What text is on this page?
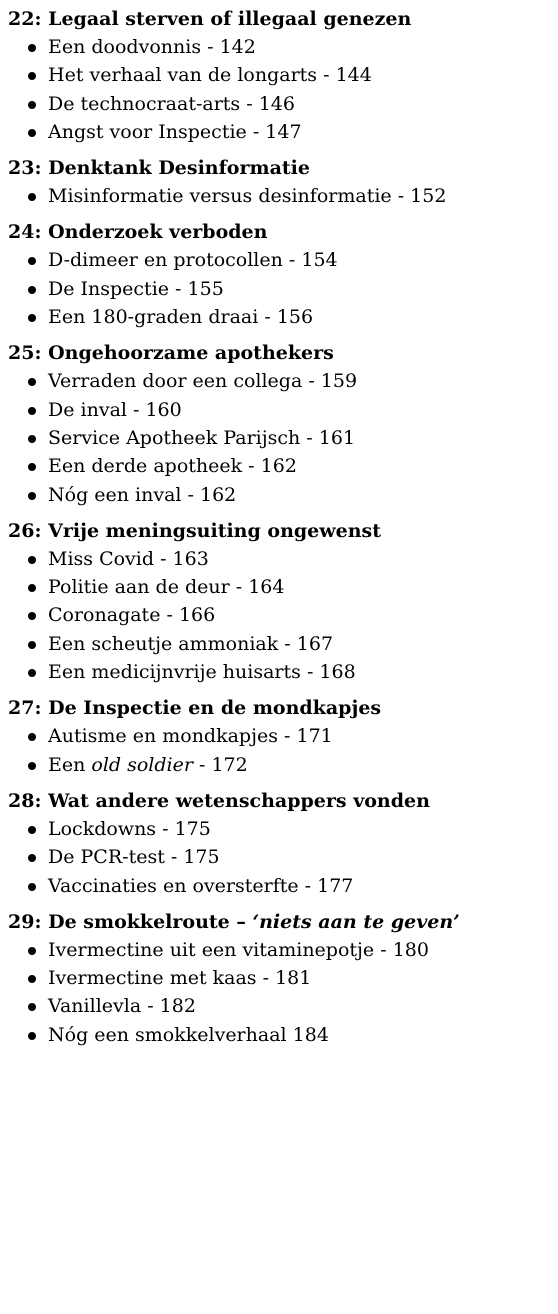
22: Legaal sterven of illegaal genezen

Een doodvonnis - 142
Het verhaal van de longarts - 144
De technocraat-arts - 146
Angst voor Inspectie - 147

23: Denktank Desinformatie

Misinformatie versus desinformatie - 152

24: Onderzoek verboden

D-dimeer en protocollen - 154
De Inspectie - 155
Een 180-graden draai - 156

25: Ongehoorzame apothekers

Verraden door een collega - 159
De inval - 160
Service Apotheek Parijsch - 161
Een derde apotheek - 162
Nóg een inval - 162

26: Vrije meningsuiting ongewenst

Miss Covid - 163
Politie aan de deur - 164
Coronagate - 166
Een scheutje ammoniak - 167
Een medicijnvrije huisarts - 168

27: De Inspectie en de mondkapjes

Autisme en mondkapjes - 171
Een old soldier - 172

28: Wat andere wetenschappers vonden

Lockdowns - 175
De PCR-test - 175
Vaccinaties en oversterfte - 177

29: De smokkelroute – ‘niets aan te geven’

Ivermectine uit een vitaminepotje - 180
Ivermectine met kaas - 181
Vanillevla - 182
Nóg een smokkelverhaal 184
